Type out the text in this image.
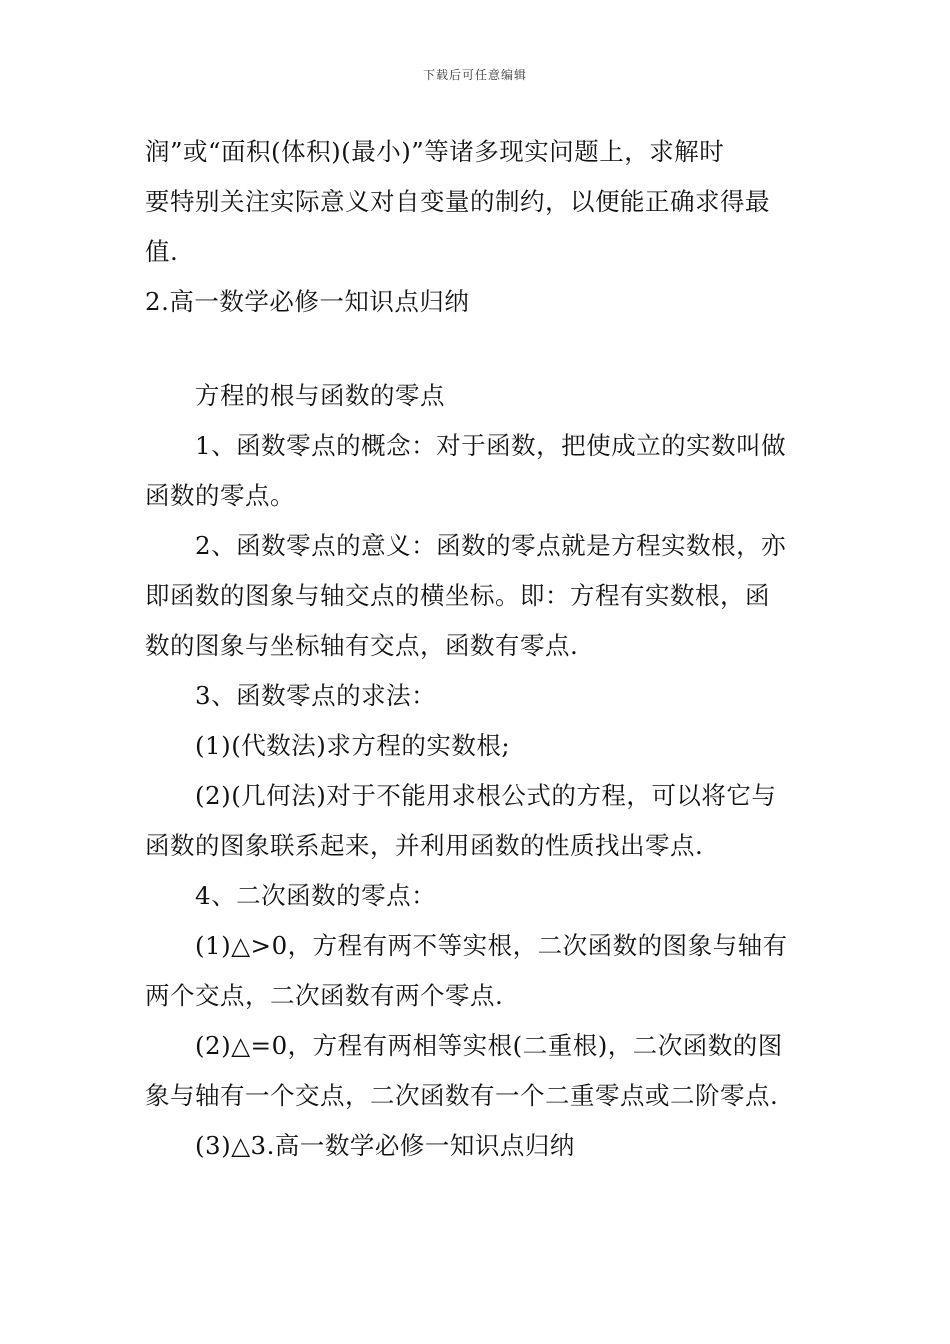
下载后可任意编辑
润”或“面积(体积)(最小)”等诸多现实问题上，求解时
要特别关注实际意义对自变量的制约，以便能正确求得最
值.
2.高一数学必修一知识点归纳
方程的根与函数的零点
1、函数零点的概念：对于函数，把使成立的实数叫做
函数的零点。
2、函数零点的意义：函数的零点就是方程实数根，亦
即函数的图象与轴交点的横坐标。即：方程有实数根，函
数的图象与坐标轴有交点，函数有零点.
3、函数零点的求法：
(1)(代数法)求方程的实数根;
(2)(几何法)对于不能用求根公式的方程，可以将它与
函数的图象联系起来，并利用函数的性质找出零点.
4、二次函数的零点：
(1)△>0，方程有两不等实根，二次函数的图象与轴有
两个交点，二次函数有两个零点.
(2)△=0，方程有两相等实根(二重根)，二次函数的图
象与轴有一个交点，二次函数有一个二重零点或二阶零点.
(3)△3.高一数学必修一知识点归纳
